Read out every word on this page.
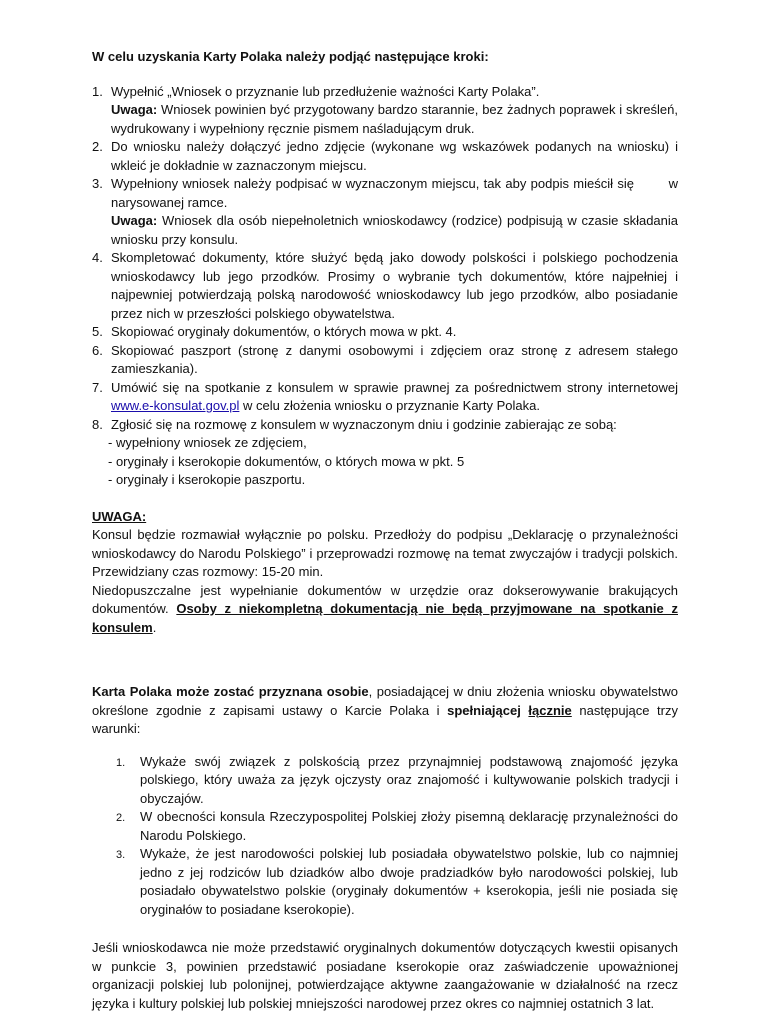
W celu uzyskania Karty Polaka należy podjąć następujące kroki:

1. Wypełnić „Wniosek o przyznanie lub przedłużenie ważności Karty Polaka”.
Uwaga: Wniosek powinien być przygotowany bardzo starannie, bez żadnych poprawek i skreśleń, wydrukowany i wypełniony ręcznie pismem naśladującym druk.
2. Do wniosku należy dołączyć jedno zdjęcie (wykonane wg wskazówek podanych na wniosku) i wkleić je dokładnie w zaznaczonym miejscu.
3. Wypełniony wniosek należy podpisać w wyznaczonym miejscu, tak aby podpis mieścił się        w narysowanej ramce.
Uwaga: Wniosek dla osób niepełnoletnich wnioskodawcy (rodzice) podpisują w czasie składania wniosku przy konsulu.
4. Skompletować dokumenty, które służyć będą jako dowody polskości i polskiego pochodzenia wnioskodawcy lub jego przodków. Prosimy o wybranie tych dokumentów, które najpełniej i najpewniej potwierdzają polską narodowość wnioskodawcy lub jego przodków, albo posiadanie przez nich w przeszłości polskiego obywatelstwa.
5. Skopiować oryginały dokumentów, o których mowa w pkt. 4.
6. Skopiować paszport (stronę z danymi osobowymi i zdjęciem oraz stronę z adresem stałego zamieszkania).
7. Umówić się na spotkanie z konsulem w sprawie prawnej za pośrednictwem strony internetowej www.e-konsulat.gov.pl w celu złożenia wniosku o przyznanie Karty Polaka.
8. Zgłosić się na rozmowę z konsulem w wyznaczonym dniu i godzinie zabierając ze sobą:
- wypełniony wniosek ze zdjęciem,
- oryginały i kserokopie dokumentów, o których mowa w pkt. 5
- oryginały i kserokopie paszportu.
UWAGA:
Konsul będzie rozmawiał wyłącznie po polsku. Przedłoży do podpisu „Deklarację o przynależności wnioskodawcy do Narodu Polskiego” i przeprowadzi rozmowę na temat zwyczajów i tradycji polskich. Przewidziany czas rozmowy: 15-20 min.
Niedopuszczalne jest wypełnianie dokumentów w urzędzie oraz dokserowywanie brakujących dokumentów. Osoby z niekompletną dokumentacją nie będą przyjmowane na spotkanie z konsulem.
Karta Polaka może zostać przyznana osobie, posiadającej w dniu złożenia wniosku obywatelstwo określone zgodnie z zapisami ustawy o Karcie Polaka i spełniającej łącznie następujące trzy warunki:
1. Wykaże swój związek z polskością przez przynajmniej podstawową znajomość języka polskiego, który uważa za język ojczysty oraz znajomość i kultywowanie polskich tradycji i obyczajów.
2. W obecności konsula Rzeczypospolitej Polskiej złoży pisemną deklarację przynależności do Narodu Polskiego.
3. Wykaże, że jest narodowości polskiej lub posiadała obywatelstwo polskie, lub co najmniej jedno z jej rodziców lub dziadków albo dwoje pradziadków było narodowości polskiej, lub posiadało obywatelstwo polskie (oryginały dokumentów + kserokopia, jeśli nie posiada się oryginałów to posiadane kserokopie).
Jeśli wnioskodawca nie może przedstawić oryginalnych dokumentów dotyczących kwestii opisanych w punkcie 3, powinien przedstawić posiadane kserokopie oraz zaświadczenie upoważnionej organizacji polskiej lub polonijnej, potwierdzające aktywne zaangażowanie w działalność na rzecz języka i kultury polskiej lub polskiej mniejszości narodowej przez okres co najmniej ostatnich 3 lat.
